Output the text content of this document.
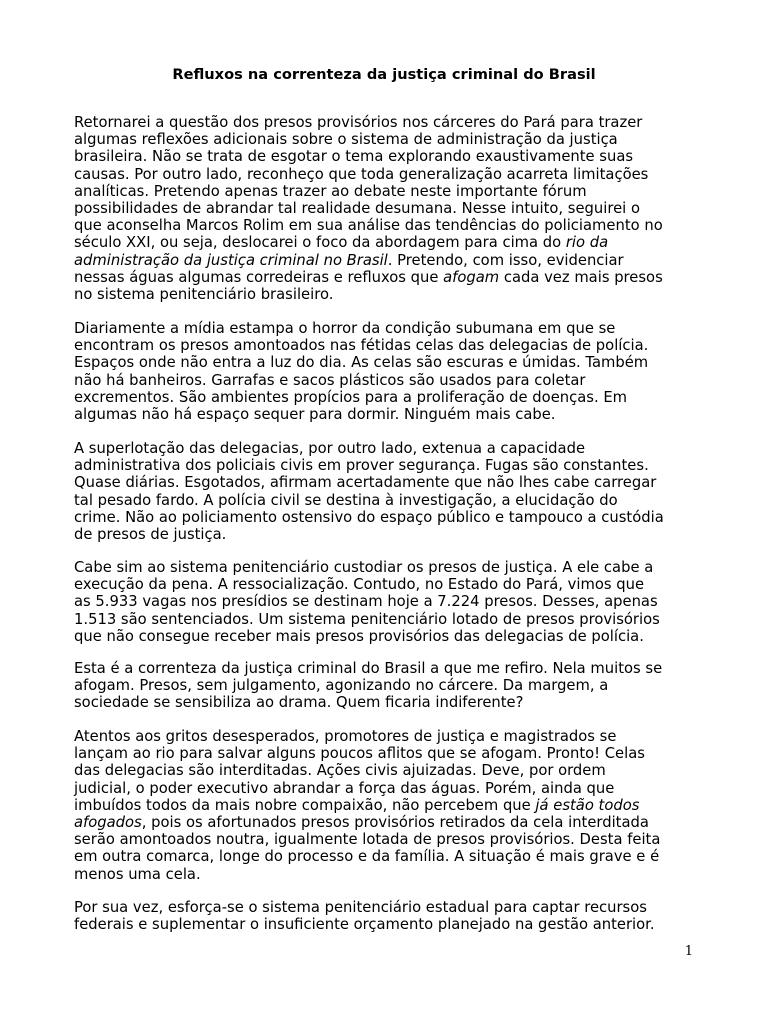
Refluxos na correnteza da justiça criminal do Brasil

Retornarei a questão dos presos provisórios nos cárceres do Pará para trazer
algumas reflexões adicionais sobre o sistema de administração da justiça
brasileira. Não se trata de esgotar o tema explorando exaustivamente suas
causas. Por outro lado, reconheço que toda generalização acarreta limitações
analíticas. Pretendo apenas trazer ao debate neste importante fórum
possibilidades de abrandar tal realidade desumana. Nesse intuito, seguirei o
que aconselha Marcos Rolim em sua análise das tendências do policiamento no
século XXI, ou seja, deslocarei o foco da abordagem para cima do rio da
administração da justiça criminal no Brasil. Pretendo, com isso, evidenciar
nessas águas algumas corredeiras e refluxos que afogam cada vez mais presos
no sistema penitenciário brasileiro.

Diariamente a mídia estampa o horror da condição subumana em que se
encontram os presos amontoados nas fétidas celas das delegacias de polícia.
Espaços onde não entra a luz do dia. As celas são escuras e úmidas. Também
não há banheiros. Garrafas e sacos plásticos são usados para coletar
excrementos. São ambientes propícios para a proliferação de doenças. Em
algumas não há espaço sequer para dormir. Ninguém mais cabe.

A superlotação das delegacias, por outro lado, extenua a capacidade
administrativa dos policiais civis em prover segurança. Fugas são constantes.
Quase diárias. Esgotados, afirmam acertadamente que não lhes cabe carregar
tal pesado fardo. A polícia civil se destina à investigação, a elucidação do
crime. Não ao policiamento ostensivo do espaço público e tampouco a custódia
de presos de justiça.

Cabe sim ao sistema penitenciário custodiar os presos de justiça. A ele cabe a
execução da pena. A ressocialização. Contudo, no Estado do Pará, vimos que
as 5.933 vagas nos presídios se destinam hoje a 7.224 presos. Desses, apenas
1.513 são sentenciados. Um sistema penitenciário lotado de presos provisórios
que não consegue receber mais presos provisórios das delegacias de polícia.

Esta é a correnteza da justiça criminal do Brasil a que me refiro. Nela muitos se
afogam. Presos, sem julgamento, agonizando no cárcere. Da margem, a
sociedade se sensibiliza ao drama. Quem ficaria indiferente?

Atentos aos gritos desesperados, promotores de justiça e magistrados se
lançam ao rio para salvar alguns poucos aflitos que se afogam. Pronto! Celas
das delegacias são interditadas. Ações civis ajuizadas. Deve, por ordem
judicial, o poder executivo abrandar a força das águas. Porém, ainda que
imbuídos todos da mais nobre compaixão, não percebem que já estão todos
afogados, pois os afortunados presos provisórios retirados da cela interditada
serão amontoados noutra, igualmente lotada de presos provisórios. Desta feita
em outra comarca, longe do processo e da família. A situação é mais grave e é
menos uma cela.

Por sua vez, esforça-se o sistema penitenciário estadual para captar recursos
federais e suplementar o insuficiente orçamento planejado na gestão anterior.

1
